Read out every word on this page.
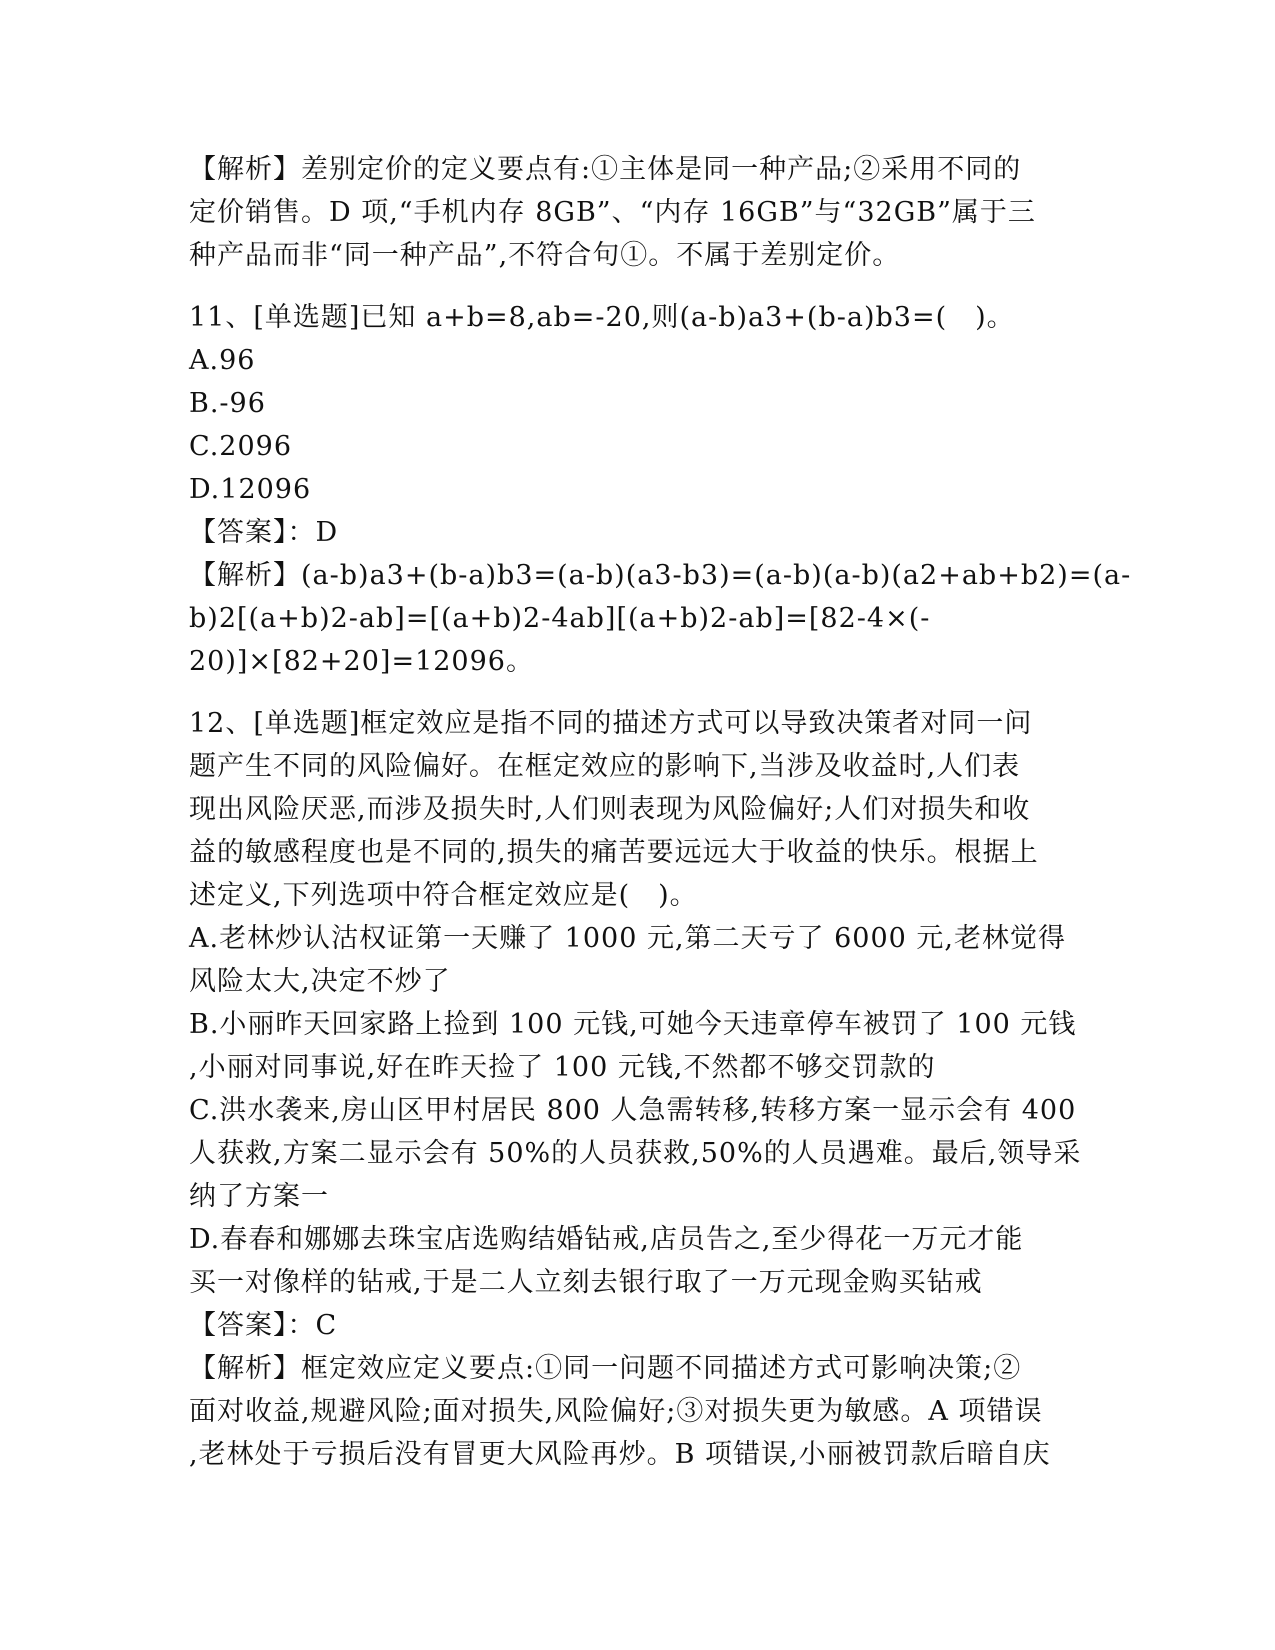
【解析】差别定价的定义要点有:①主体是同一种产品;②采用不同的
定价销售。D 项,“手机内存 8GB”、“内存 16GB”与“32GB”属于三
种产品而非“同一种产品”,不符合句①。不属于差别定价。
11、[单选题]已知 a+b=8,ab=-20,则(a-b)a3+(b-a)b3=(　)。
A.96
B.-96
C.2096
D.12096
【答案】：D
【解析】(a-b)a3+(b-a)b3=(a-b)(a3-b3)=(a-b)(a-b)(a2+ab+b2)=(a-
b)2[(a+b)2-ab]=[(a+b)2-4ab][(a+b)2-ab]=[82-4×(-
20)]×[82+20]=12096。
12、[单选题]框定效应是指不同的描述方式可以导致决策者对同一问
题产生不同的风险偏好。在框定效应的影响下,当涉及收益时,人们表
现出风险厌恶,而涉及损失时,人们则表现为风险偏好;人们对损失和收
益的敏感程度也是不同的,损失的痛苦要远远大于收益的快乐。根据上
述定义,下列选项中符合框定效应是(　)。
A.老林炒认沽权证第一天赚了 1000 元,第二天亏了 6000 元,老林觉得
风险太大,决定不炒了
B.小丽昨天回家路上捡到 100 元钱,可她今天违章停车被罚了 100 元钱
,小丽对同事说,好在昨天捡了 100 元钱,不然都不够交罚款的
C.洪水袭来,房山区甲村居民 800 人急需转移,转移方案一显示会有 400
人获救,方案二显示会有 50%的人员获救,50%的人员遇难。最后,领导采
纳了方案一
D.春春和娜娜去珠宝店选购结婚钻戒,店员告之,至少得花一万元才能
买一对像样的钻戒,于是二人立刻去银行取了一万元现金购买钻戒
【答案】：C
【解析】框定效应定义要点:①同一问题不同描述方式可影响决策;②
面对收益,规避风险;面对损失,风险偏好;③对损失更为敏感。A 项错误
,老林处于亏损后没有冒更大风险再炒。B 项错误,小丽被罚款后暗自庆
